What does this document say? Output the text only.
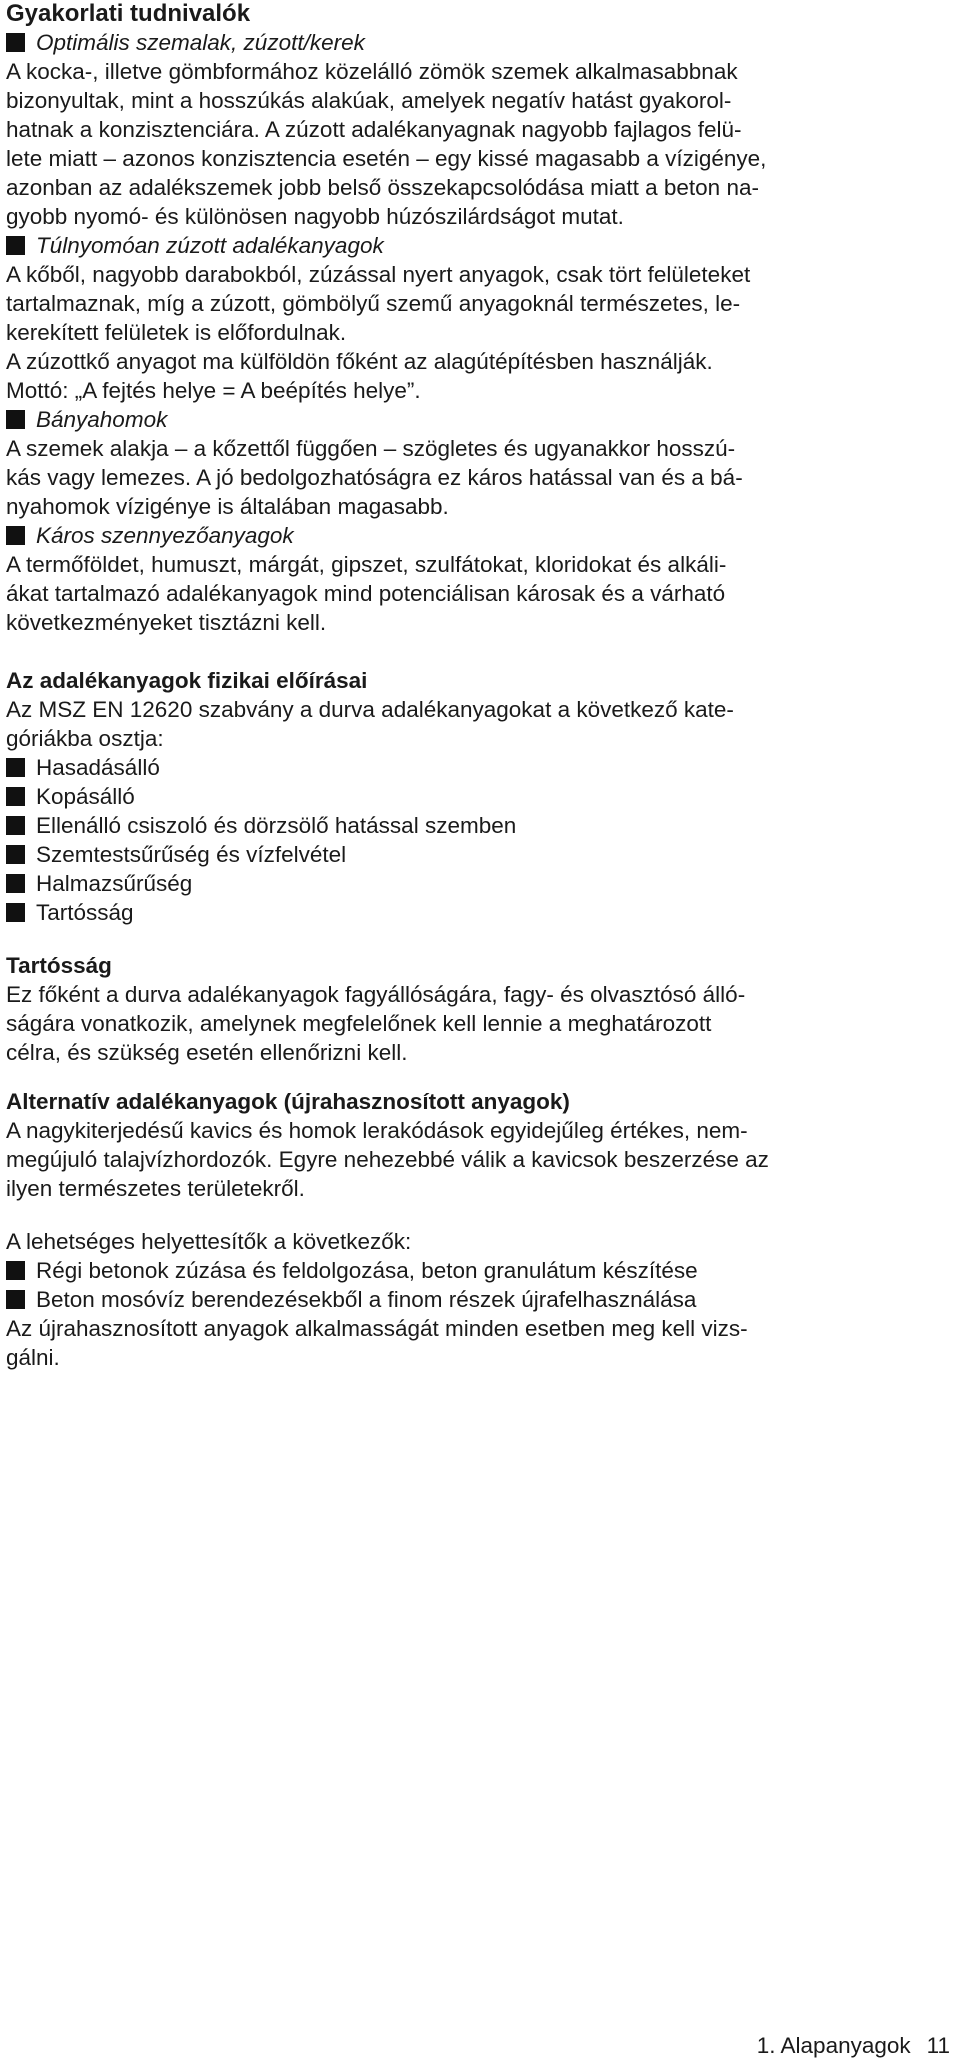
Gyakorlati tudnivalók

Optimális szemalak, zúzott/kerek

A kocka-, illetve gömbformához közelálló zömök szemek alkalmasabbnak

bizonyultak, mint a hosszúkás alakúak, amelyek negatív hatást gyakorol-

hatnak a konzisztenciára. A zúzott adalékanyagnak nagyobb fajlagos felü-

lete miatt – azonos konzisztencia esetén – egy kissé magasabb a vízigénye,

azonban az adalékszemek jobb belső összekapcsolódása miatt a beton na-

gyobb nyomó- és különösen nagyobb húzószilárdságot mutat.

Túlnyomóan zúzott adalékanyagok

A kőből, nagyobb darabokból, zúzással nyert anyagok, csak tört felületeket

tartalmaznak, míg a zúzott, gömbölyű szemű anyagoknál természetes, le-

kerekített felületek is előfordulnak.

A zúzottkő anyagot ma külföldön főként az alagútépítésben használják.

Mottó: „A fejtés helye = A beépítés helye”.

Bányahomok

A szemek alakja – a kőzettől függően – szögletes és ugyanakkor hosszú-

kás vagy lemezes. A jó bedolgozhatóságra ez káros hatással van és a bá-

nyahomok vízigénye is általában magasabb.

Káros szennyezőanyagok

A termőföldet, humuszt, márgát, gipszet, szulfátokat, kloridokat és alkáli-

ákat tartalmazó adalékanyagok mind potenciálisan károsak és a várható

következményeket tisztázni kell.

Az adalékanyagok fizikai előírásai

Az MSZ EN 12620 szabvány a durva adalékanyagokat a következő kate-

góriákba osztja:

Hasadásálló

Kopásálló

Ellenálló csiszoló és dörzsölő hatással szemben

Szemtestsűrűség és vízfelvétel

Halmazsűrűség

Tartósság

Tartósság

Ez főként a durva adalékanyagok fagyállóságára, fagy- és olvasztósó álló-

ságára vonatkozik, amelynek megfelelőnek kell lennie a meghatározott

célra, és szükség esetén ellenőrizni kell.

Alternatív adalékanyagok (újrahasznosított anyagok)

A nagykiterjedésű kavics és homok lerakódások egyidejűleg értékes, nem-

megújuló talajvízhordozók. Egyre nehezebbé válik a kavicsok beszerzése az

ilyen természetes területekről.

A lehetséges helyettesítők a következők:

Régi betonok zúzása és feldolgozása, beton granulátum készítése

Beton mosóvíz berendezésekből a finom részek újrafelhasználása

Az újrahasznosított anyagok alkalmasságát minden esetben meg kell vizs-

gálni.

1. Alapanyagok 11
